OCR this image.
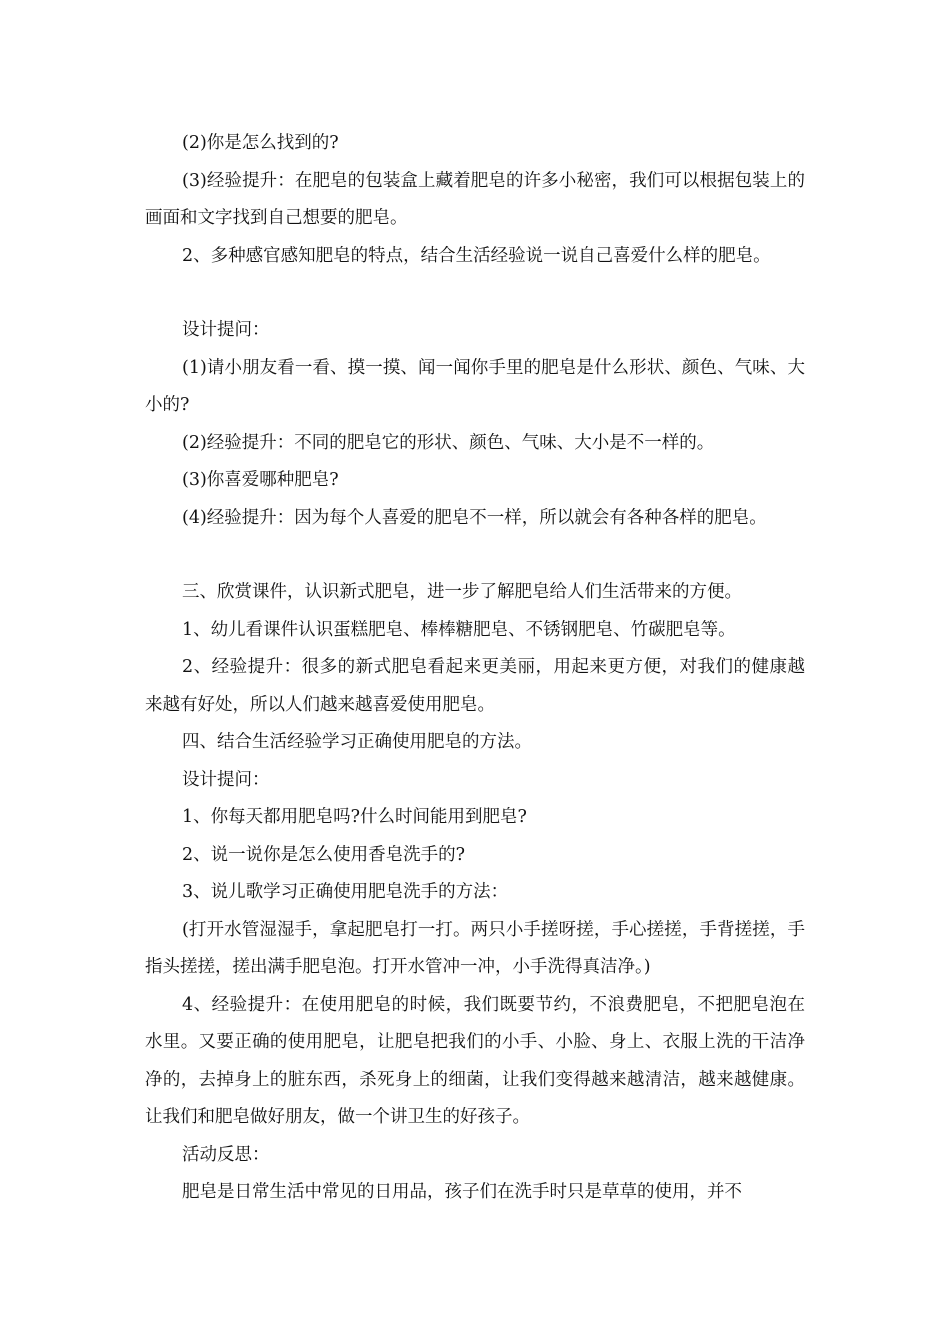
(2)你是怎么找到的?

(3)经验提升：在肥皂的包装盒上藏着肥皂的许多小秘密，我们可以根据包装上的画面和文字找到自己想要的肥皂。

2、多种感官感知肥皂的特点，结合生活经验说一说自己喜爱什么样的肥皂。

设计提问：

(1)请小朋友看一看、摸一摸、闻一闻你手里的肥皂是什么形状、颜色、气味、大小的?

(2)经验提升：不同的肥皂它的形状、颜色、气味、大小是不一样的。

(3)你喜爱哪种肥皂?

(4)经验提升：因为每个人喜爱的肥皂不一样，所以就会有各种各样的肥皂。

三、欣赏课件，认识新式肥皂，进一步了解肥皂给人们生活带来的方便。

1、幼儿看课件认识蛋糕肥皂、棒棒糖肥皂、不锈钢肥皂、竹碳肥皂等。

2、经验提升：很多的新式肥皂看起来更美丽，用起来更方便，对我们的健康越来越有好处，所以人们越来越喜爱使用肥皂。

四、结合生活经验学习正确使用肥皂的方法。

设计提问：

1、你每天都用肥皂吗?什么时间能用到肥皂?

2、说一说你是怎么使用香皂洗手的?

3、说儿歌学习正确使用肥皂洗手的方法：

(打开水管湿湿手，拿起肥皂打一打。两只小手搓呀搓，手心搓搓，手背搓搓，手指头搓搓，搓出满手肥皂泡。打开水管冲一冲，小手洗得真洁净。)

4、经验提升：在使用肥皂的时候，我们既要节约，不浪费肥皂，不把肥皂泡在水里。又要正确的使用肥皂，让肥皂把我们的小手、小脸、身上、衣服上洗的干洁净净的，去掉身上的脏东西，杀死身上的细菌，让我们变得越来越清洁，越来越健康。让我们和肥皂做好朋友，做一个讲卫生的好孩子。

活动反思：

肥皂是日常生活中常见的日用品，孩子们在洗手时只是草草的使用，并不
